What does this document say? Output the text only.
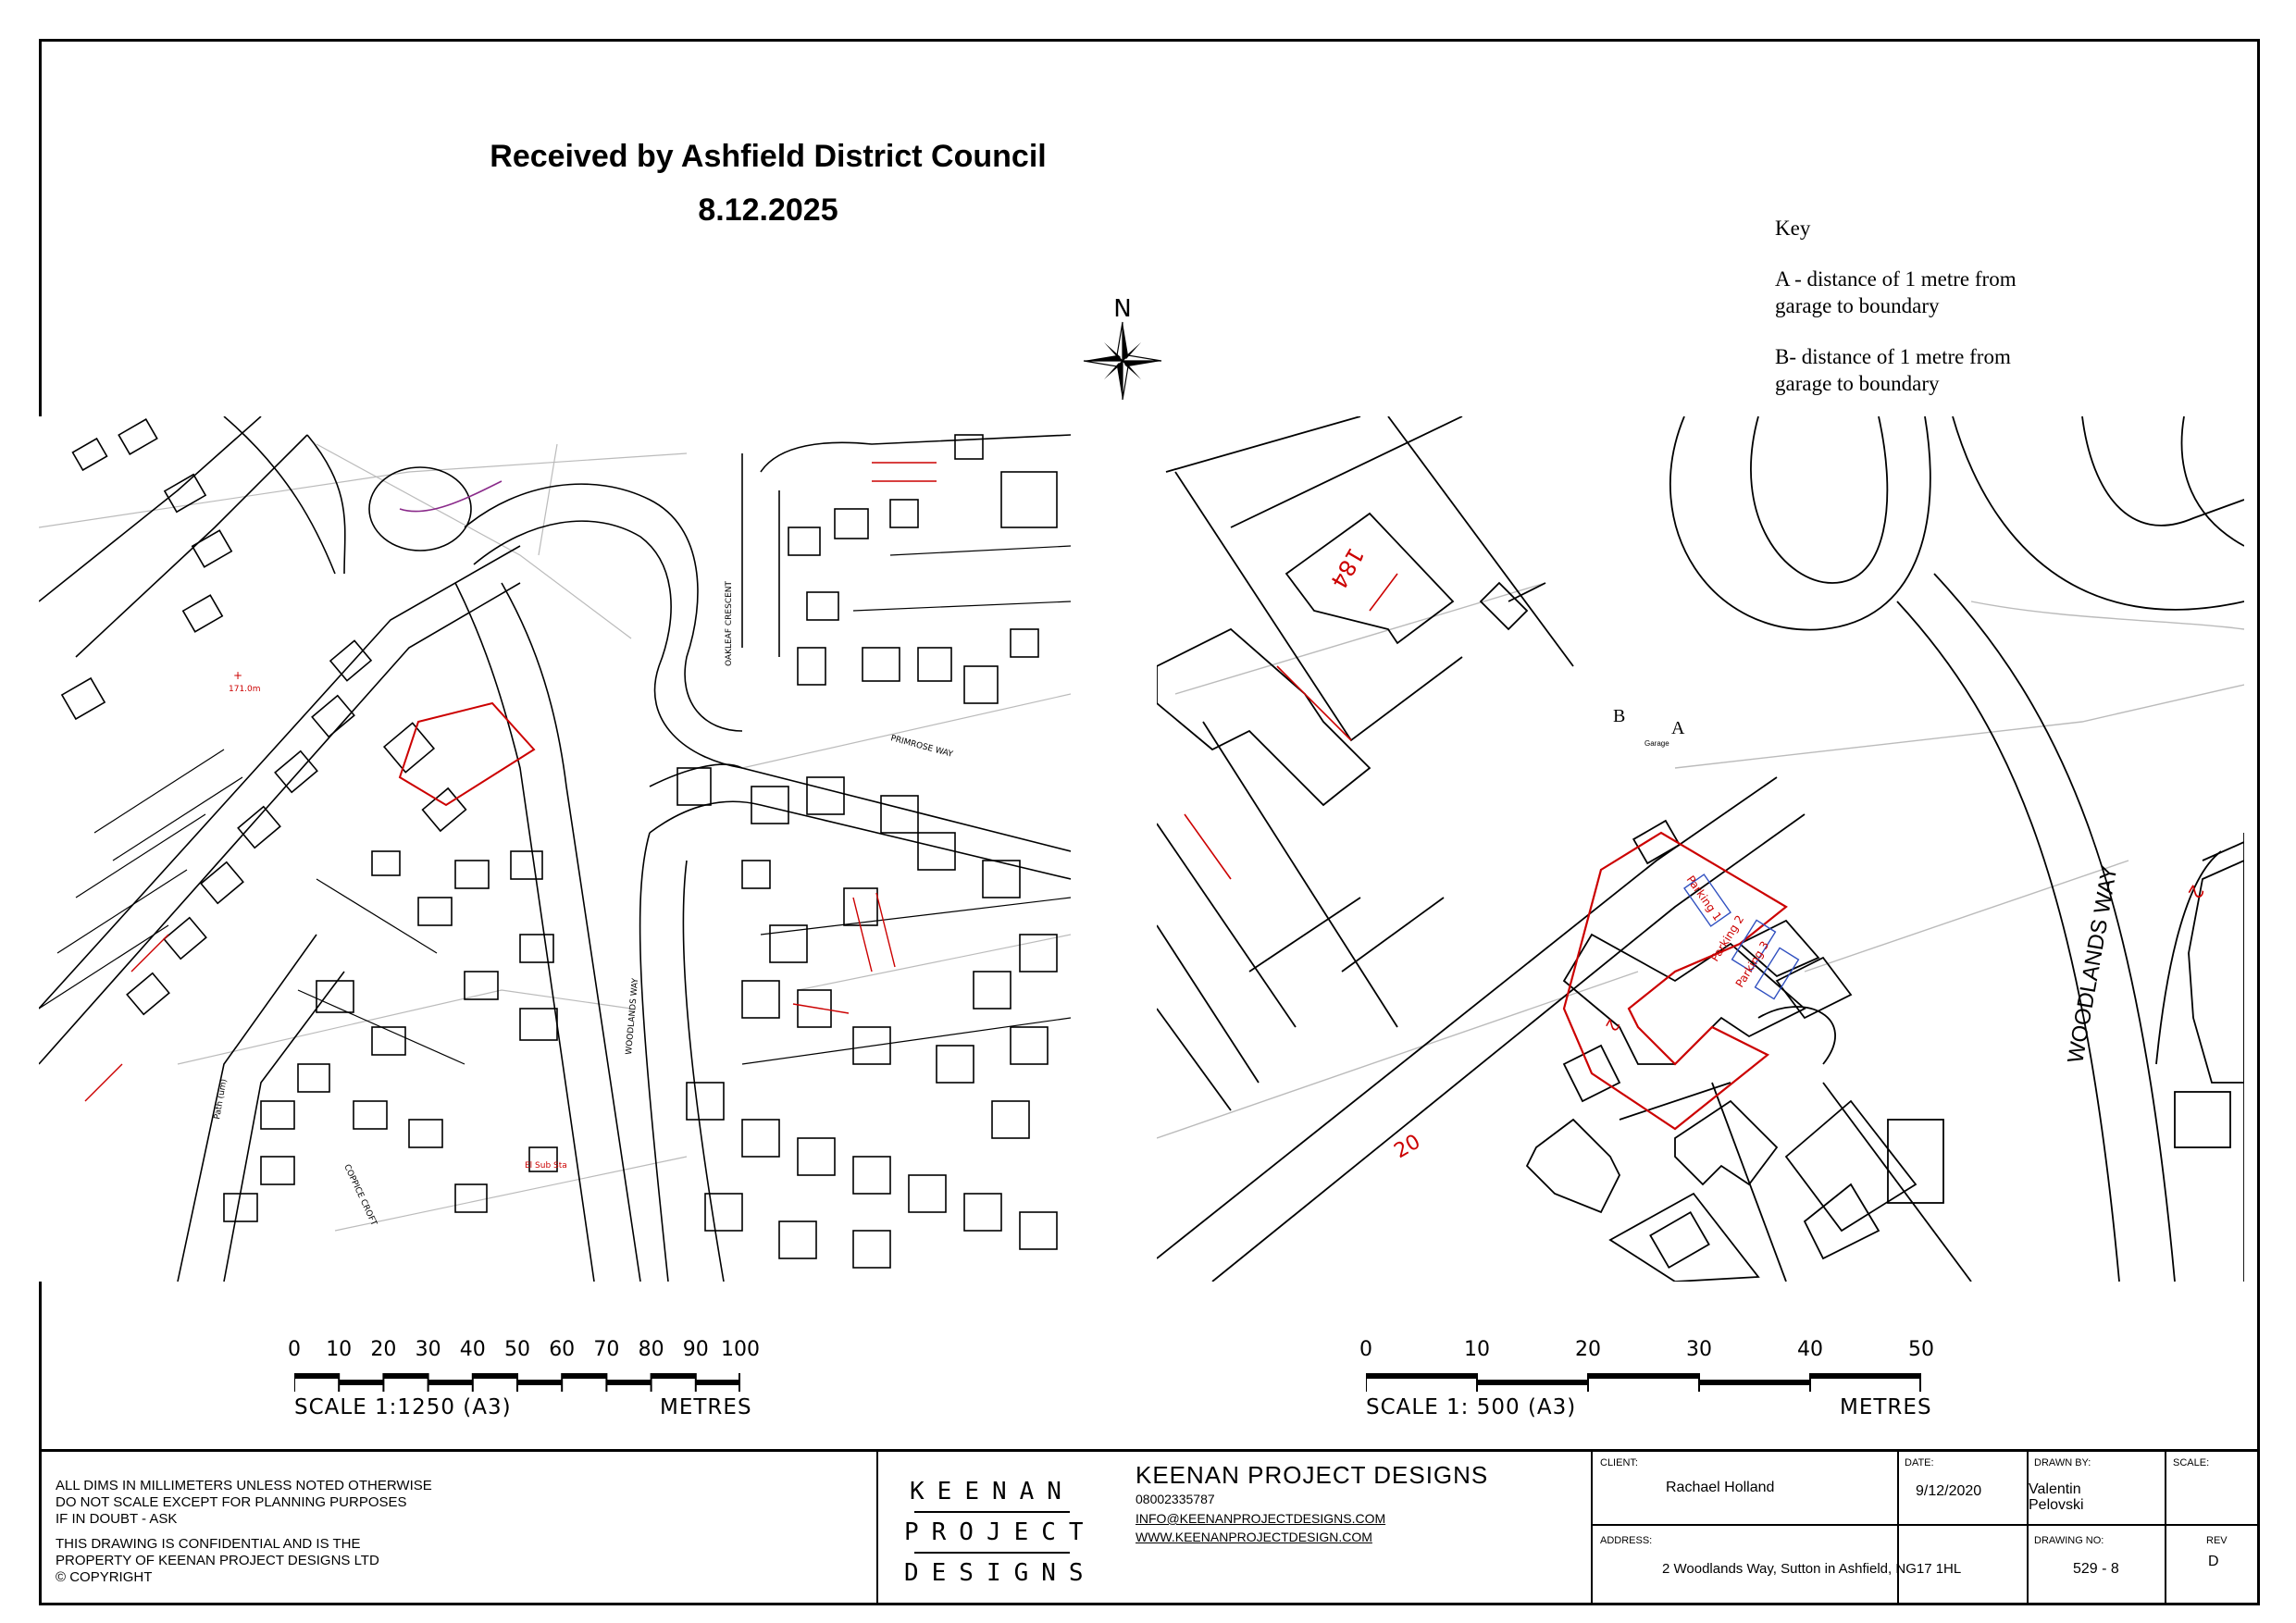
Received by Ashfield District Council
8.12.2025
Key
A - distance of 1 metre from garage to boundary
B- distance of 1 metre from garage to boundary
N
OAKLEAF CRESCENT
PRIMROSE WAY
WOODLANDS WAY
COPPICE CROFT
Path (um)
El Sub Sta
171.0m
+
184
2
20
2
Parking 1
Parking 2
Parking 3
A
B
Garage
WOODLANDS WAY
0 10 20 30 40 50 60 70 80 90 100
SCALE 1:1250 (A3)	METRES
0	10	20	30	40	50
SCALE 1: 500 (A3)	METRES
ALL DIMS IN MILLIMETERS UNLESS NOTED OTHERWISE
DO NOT SCALE EXCEPT FOR PLANNING PURPOSES
IF IN DOUBT - ASK
THIS DRAWING IS CONFIDENTIAL AND IS THE
PROPERTY OF KEENAN PROJECT DESIGNS LTD
© COPYRIGHT
KEENAN
PROJECT
DESIGNS
KEENAN PROJECT DESIGNS
08002335787
INFO@KEENANPROJECTDESIGNS.COM
WWW.KEENANPROJECTDESIGN.COM
CLIENT:
Rachael Holland
DATE:
9/12/2020
DRAWN BY:
Valentin
Pelovski
SCALE:
ADDRESS:
2 Woodlands Way, Sutton in Ashfield, NG17 1HL
DRAWING NO:
529 - 8
REV
D
